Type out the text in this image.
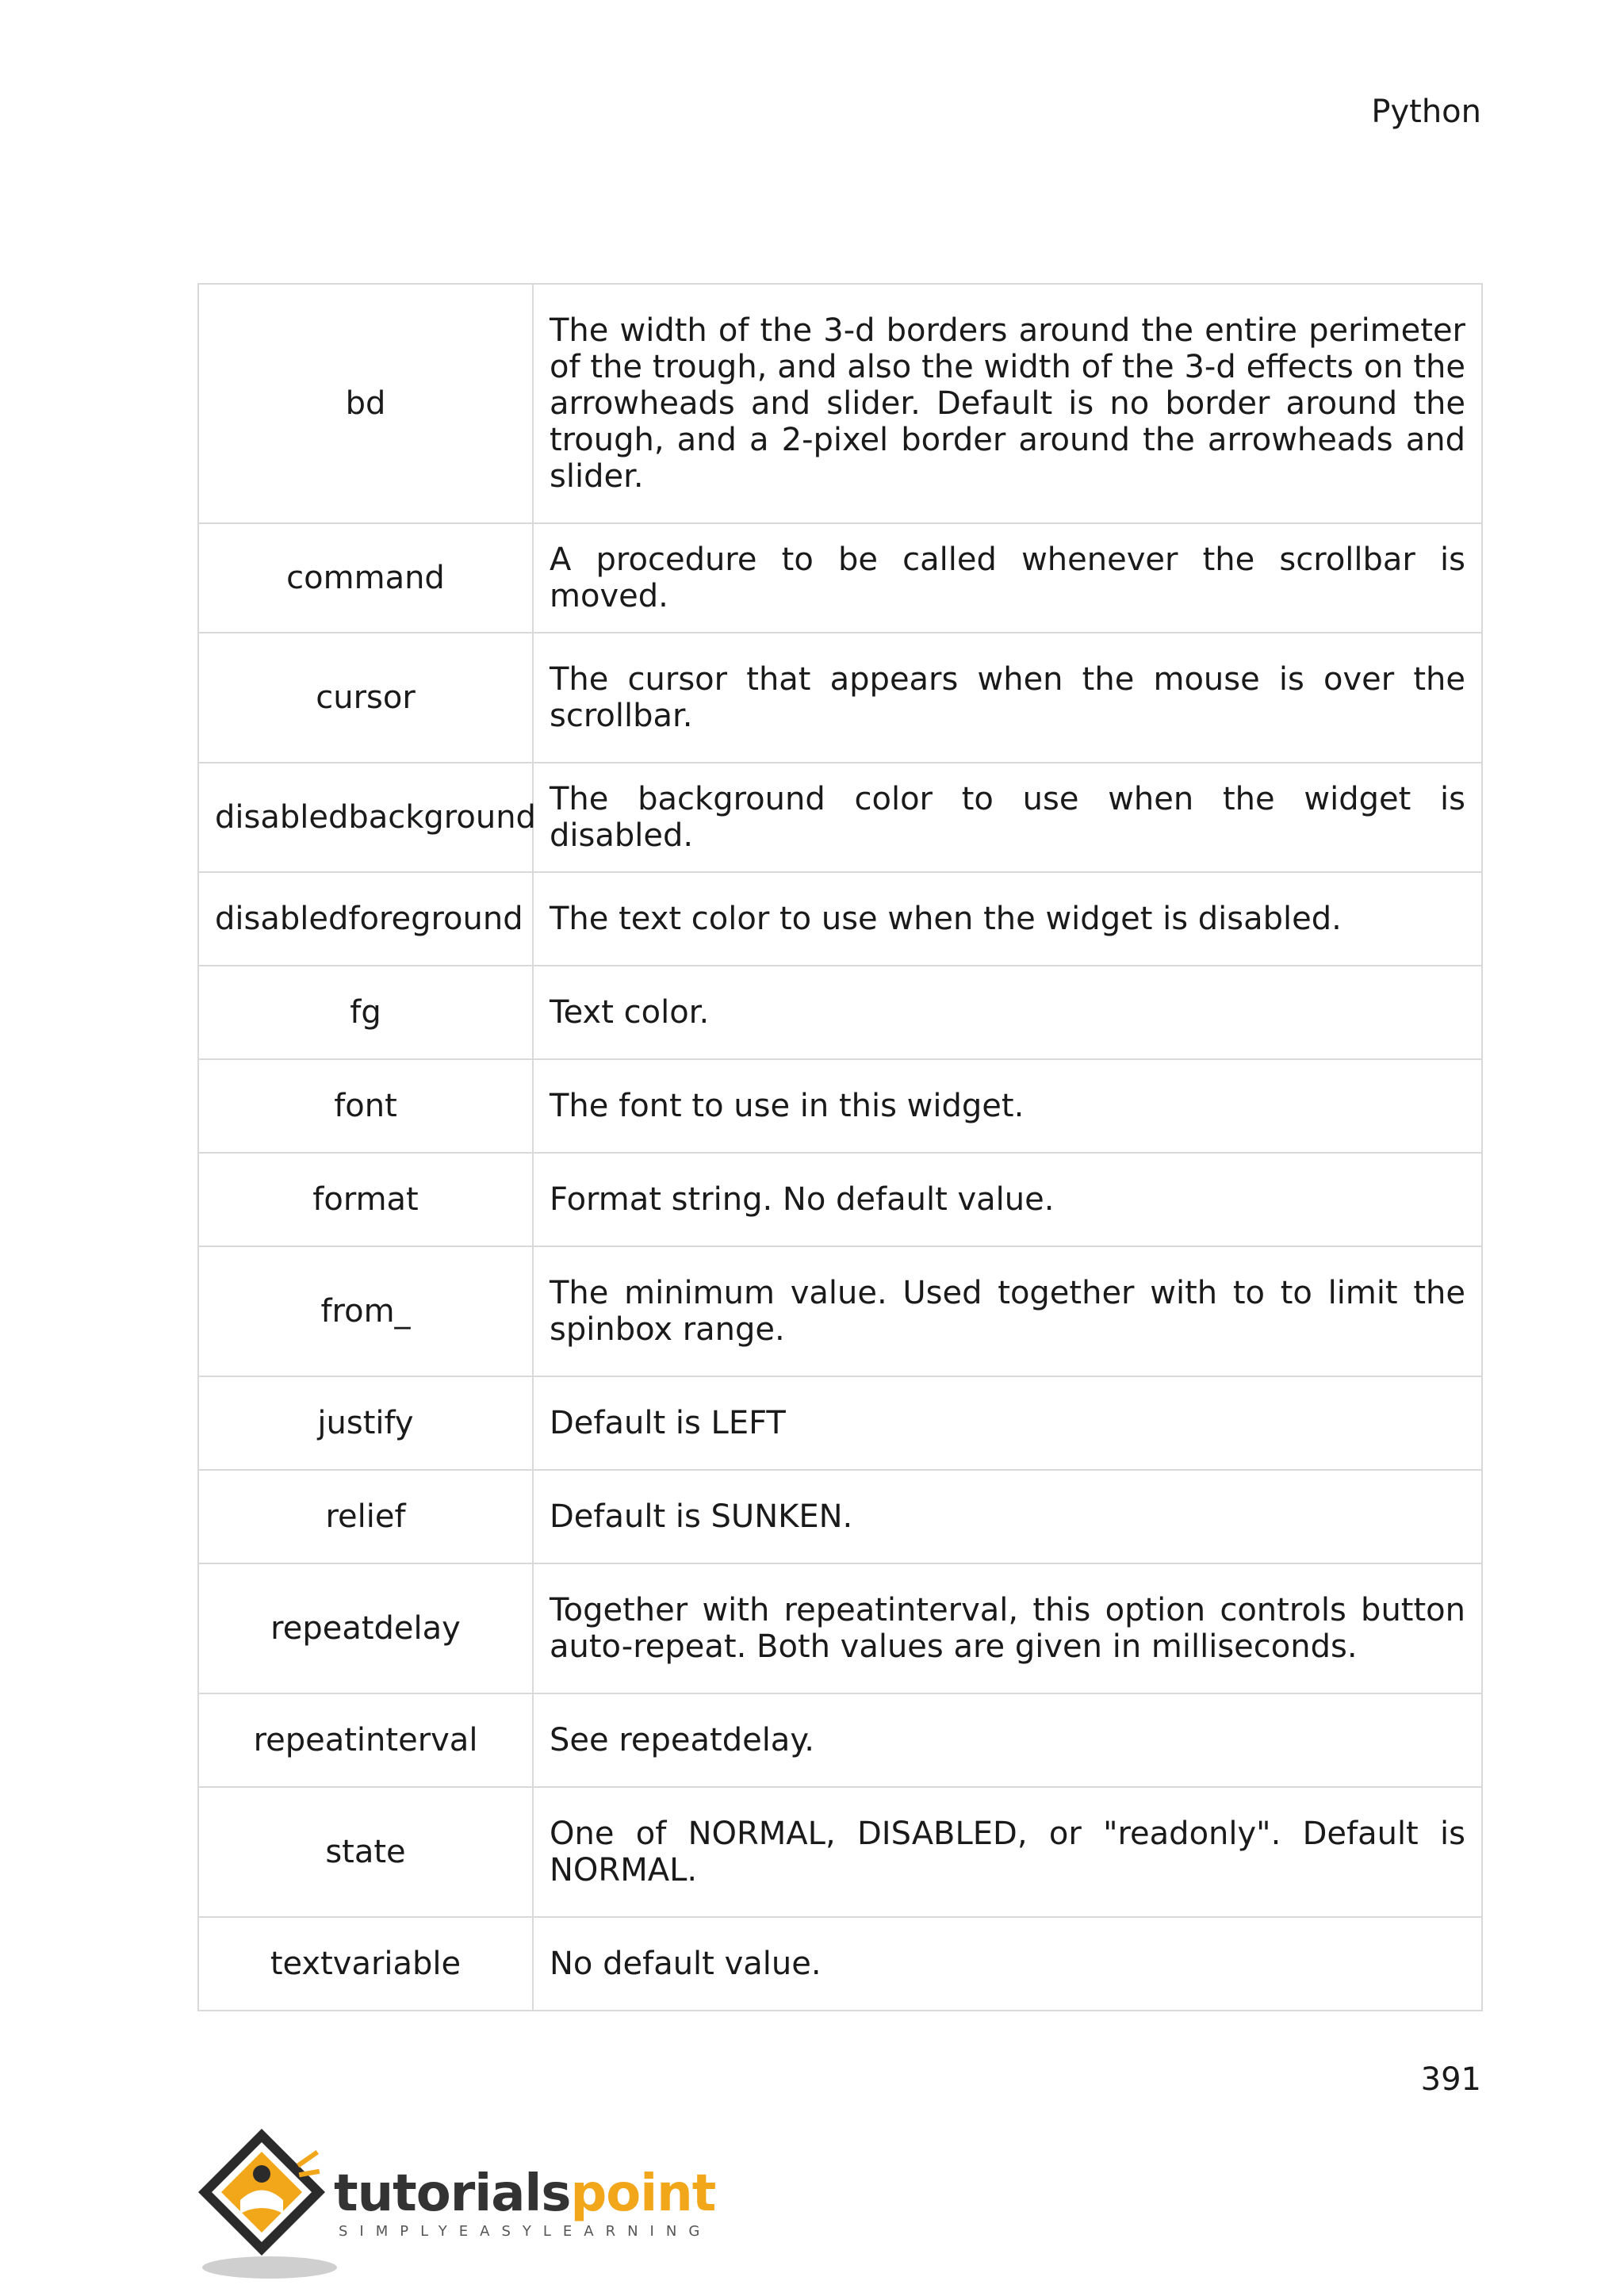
Python
bd	The width of the 3-d borders around the entire perimeter of the trough, and also the width of the 3-d effects on the arrowheads and slider. Default is no border around the trough, and a 2-pixel border around the arrowheads and slider.
command	A procedure to be called whenever the scrollbar is moved.
cursor	The cursor that appears when the mouse is over the scrollbar.
disabledbackground	The background color to use when the widget is disabled.
disabledforeground	The text color to use when the widget is disabled.
fg	Text color.
font	The font to use in this widget.
format	Format string. No default value.
from_	The minimum value. Used together with to to limit the spinbox range.
justify	Default is LEFT
relief	Default is SUNKEN.
repeatdelay	Together with repeatinterval, this option controls button auto-repeat. Both values are given in milliseconds.
repeatinterval	See repeatdelay.
state	One of NORMAL, DISABLED, or "readonly". Default is NORMAL.
textvariable	No default value.
391
tutorialspoint
SIMPLYEASYLEARNING
